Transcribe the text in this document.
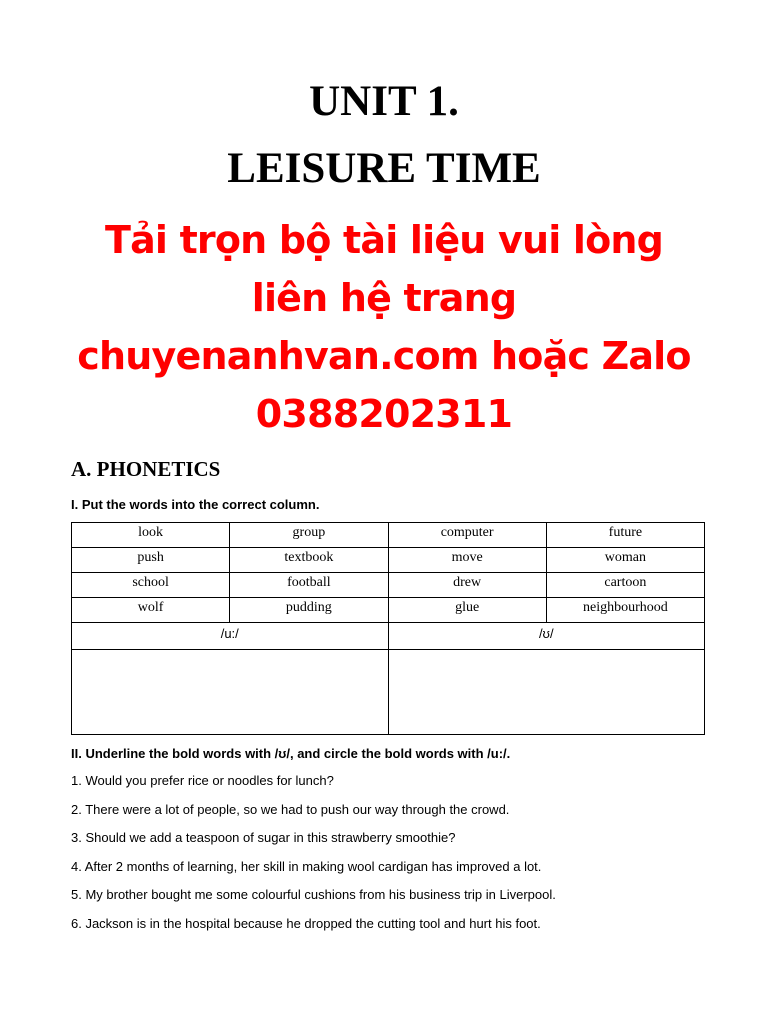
UNIT 1.
LEISURE TIME
Tải trọn bộ tài liệu vui lòng
liên hệ trang
chuyenanhvan.com hoặc Zalo
0388202311
A. PHONETICS

I. Put the words into the correct column.

look	group	computer	future
push	textbook	move	woman
school	football	drew	cartoon
wolf	pudding	glue	neighbourhood
/u:/		/ʊ/	

II. Underline the bold words with /ʊ/, and circle the bold words with /u:/.

1. Would you prefer rice or noodles for lunch?
2. There were a lot of people, so we had to push our way through the crowd.
3. Should we add a teaspoon of sugar in this strawberry smoothie?
4. After 2 months of learning, her skill in making wool cardigan has improved a lot.
5. My brother bought me some colourful cushions from his business trip in Liverpool.
6. Jackson is in the hospital because he dropped the cutting tool and hurt his foot.
